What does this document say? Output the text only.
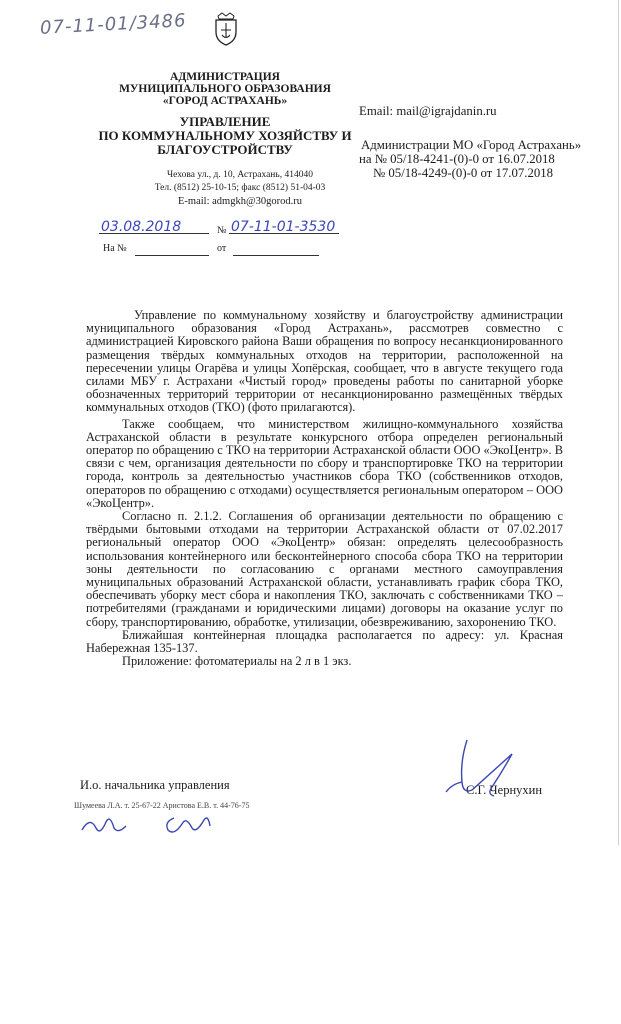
07-11-01/3486
АДМИНИСТРАЦИЯ
МУНИЦИПАЛЬНОГО ОБРАЗОВАНИЯ
«ГОРОД АСТРАХАНЬ»
УПРАВЛЕНИЕ
ПО КОММУНАЛЬНОМУ ХОЗЯЙСТВУ И
БЛАГОУСТРОЙСТВУ
Чехова ул., д. 10, Астрахань, 414040
Тел. (8512) 25-10-15; факс (8512) 51-04-03
E-mail: admgkh@30gorod.ru
03.08.2018	№ 07-11-01-3530
На №	от
Email: mail@igrajdanin.ru
Администрации МО «Город Астрахань»
на № 05/18-4241-(0)-0 от 16.07.2018
№ 05/18-4249-(0)-0 от 17.07.2018

Управление по коммунальному хозяйству и благоустройству администрации муниципального образования «Город Астрахань», рассмотрев совместно с администрацией Кировского района Ваши обращения по вопросу несанкционированного размещения твёрдых коммунальных отходов на территории, расположенной на пересечении улицы Огарёва и улицы Хопёрская, сообщает, что в августе текущего года силами МБУ г. Астрахани «Чистый город» проведены работы по санитарной уборке обозначенных территорий территории от несанкционированно размещённых твёрдых коммунальных отходов (ТКО) (фото прилагаются).

Также сообщаем, что министерством жилищно-коммунального хозяйства Астраханской области в результате конкурсного отбора определен региональный оператор по обращению с ТКО на территории Астраханской области ООО «ЭкоЦентр». В связи с чем, организация деятельности по сбору и транспортировке ТКО на территории города, контроль за деятельностью участников сбора ТКО (собственников отходов, операторов по обращению с отходами) осуществляется региональным оператором – ООО «ЭкоЦентр».

Согласно п. 2.1.2. Соглашения об организации деятельности по обращению с твёрдыми бытовыми отходами на территории Астраханской области от 07.02.2017 региональный оператор ООО «ЭкоЦентр» обязан: определять целесообразность использования контейнерного или бесконтейнерного способа сбора ТКО на территории зоны деятельности по согласованию с органами местного самоуправления муниципальных образований Астраханской области, устанавливать график сбора ТКО, обеспечивать уборку мест сбора и накопления ТКО, заключать с собственниками ТКО – потребителями (гражданами и юридическими лицами) договоры на оказание услуг по сбору, транспортированию, обработке, утилизации, обезвреживанию, захоронению ТКО.

Ближайшая контейнерная площадка располагается по адресу: ул. Красная Набережная 135-137.

Приложение: фотоматериалы на 2 л в 1 экз.

И.о. начальника управления	С.Г. Чернухин
Шумеева Л.А. т. 25-67-22 Аристова Е.В. т. 44-76-75
